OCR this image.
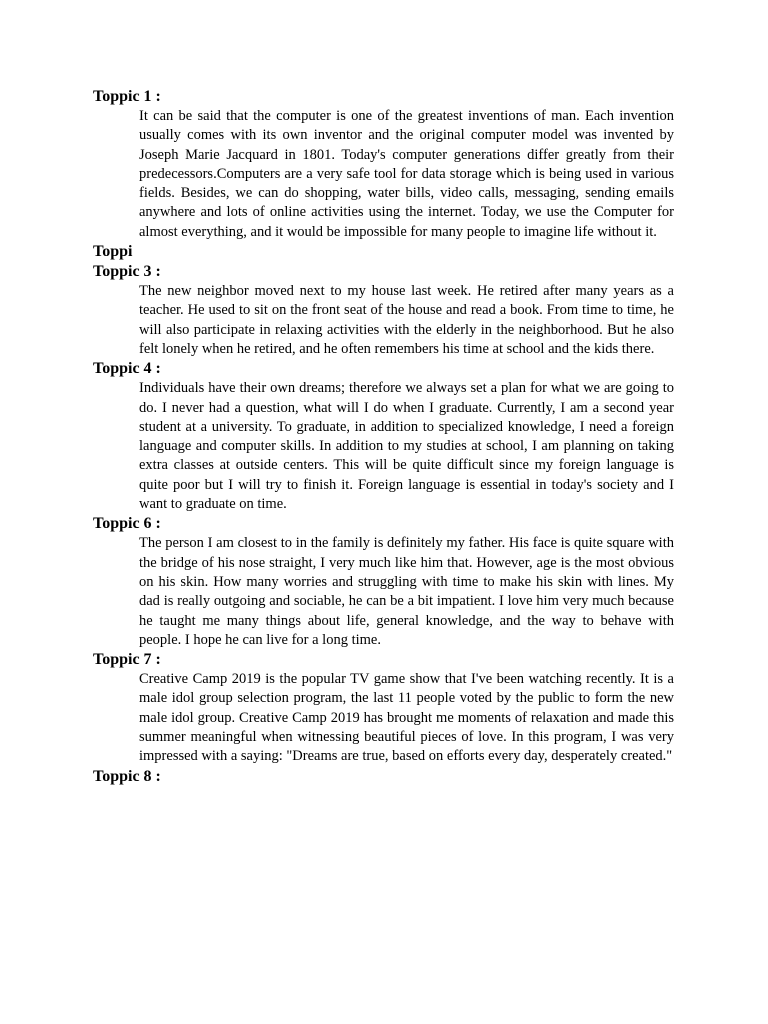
Toppic 1 :

It can be said that the computer is one of the greatest inventions of man. Each invention usually comes with its own inventor and the original computer model was invented by Joseph Marie Jacquard in 1801. Today's computer generations differ greatly from their predecessors.Computers are a very safe tool for data storage which is being used in various fields. Besides, we can do shopping, water bills, video calls, messaging, sending emails anywhere and lots of online activities using the internet. Today, we use the Computer for almost everything, and it would be impossible for many people to imagine life without it.

Toppi

Toppic 3 :

The new neighbor moved next to my house last week. He retired after many years as a teacher. He used to sit on the front seat of the house and read a book. From time to time, he will also participate in relaxing activities with the elderly in the neighborhood. But he also felt lonely when he retired, and he often remembers his time at school and the kids there.

Toppic 4 :

Individuals have their own dreams; therefore we always set a plan for what we are going to do. I never had a question, what will I do when I graduate. Currently, I am a second year student at a university. To graduate, in addition to specialized knowledge, I need a foreign language and computer skills. In addition to my studies at school, I am planning on taking extra classes at outside centers. This will be quite difficult since my foreign language is quite poor but I will try to finish it. Foreign language is essential in today's society and I want to graduate on time.

Toppic 6 :

The person I am closest to in the family is definitely my father. His face is quite square with the bridge of his nose straight, I very much like him that. However, age is the most obvious on his skin. How many worries and struggling with time to make his skin with lines. My dad is really outgoing and sociable, he can be a bit impatient. I love him very much because he taught me many things about life, general knowledge, and the way to behave with people. I hope he can live for a long time.

Toppic 7 :

Creative Camp 2019 is the popular TV game show that I've been watching recently. It is a male idol group selection program, the last 11 people voted by the public to form the new male idol group. Creative Camp 2019 has brought me moments of relaxation and made this summer meaningful when witnessing beautiful pieces of love. In this program, I was very impressed with a saying: "Dreams are true, based on efforts every day, desperately created."

Toppic 8 :
